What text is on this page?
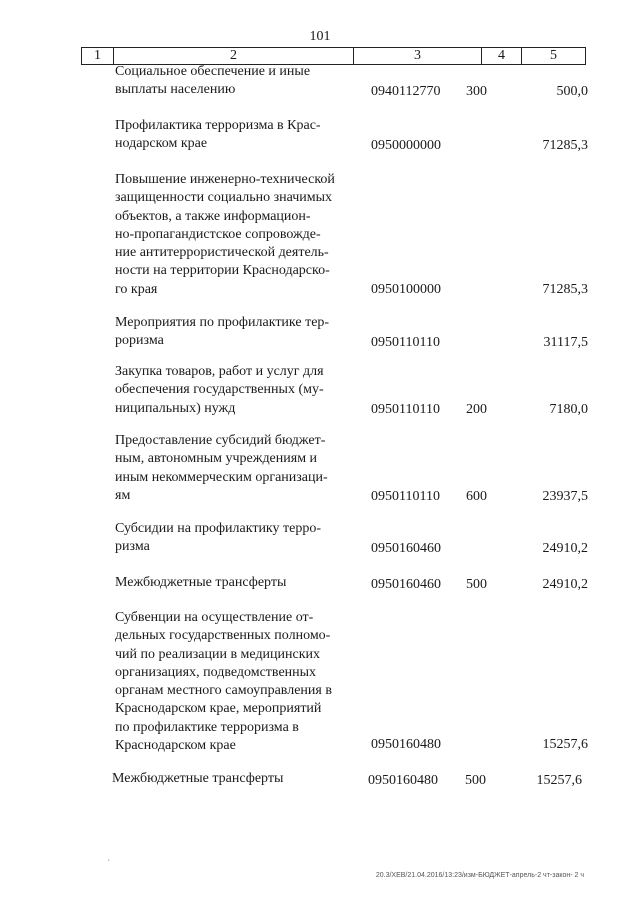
101
1	2	3	4	5
Социальное обеспечение и иные
выплаты населению	0940112770 300	500,0
Профилактика терроризма в Крас-
нодарском крае	0950000000	71285,3
Повышение инженерно-технической
защищенности социально значимых
объектов, а также информацион-
но-пропагандистское сопровожде-
ние антитеррористической деятель-
ности на территории Краснодарско-
го края	0950100000	71285,3
Мероприятия по профилактике тер-
роризма	0950110110	31117,5
Закупка товаров, работ и услуг для
обеспечения государственных (му-
ниципальных) нужд	0950110110 200	7180,0
Предоставление субсидий бюджет-
ным, автономным учреждениям и
иным некоммерческим организаци-
ям	0950110110 600	23937,5
Субсидии на профилактику терро-
ризма	0950160460	24910,2
Межбюджетные трансферты	0950160460 500	24910,2
Субвенции на осуществление от-
дельных государственных полномо-
чий по реализации в медицинских
организациях, подведомственных
органам местного самоуправления в
Краснодарском крае, мероприятий
по профилактике терроризма в
Краснодарском крае	0950160480	15257,6
Межбюджетные трансферты	0950160480 500	15257,6
ʻ
20.3/ХЕВ/21.04.2016/13:23/изм-БЮДЖЕТ-апрель-2 чт-закон- 2 ч
